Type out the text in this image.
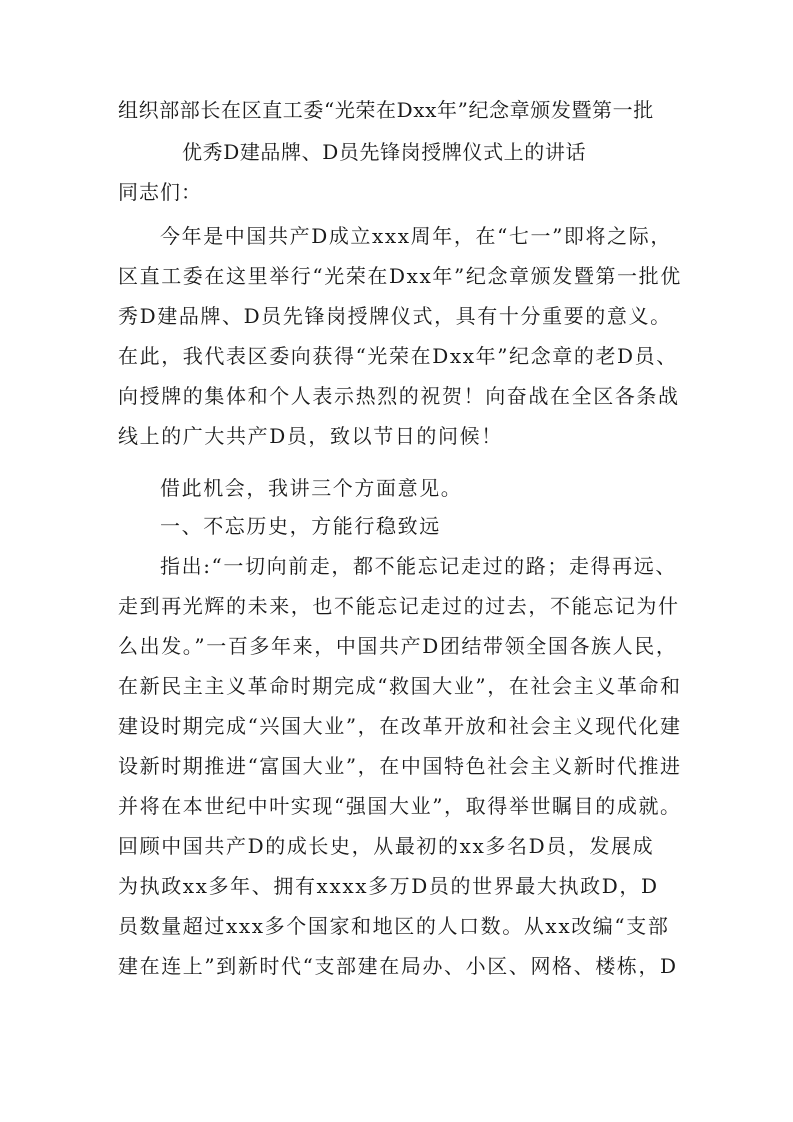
组织部部长在区直工委“光荣在Dxx年”纪念章颁发暨第一批
优秀D建品牌、D员先锋岗授牌仪式上的讲话
同志们：
今年是中国共产D成立xxx周年，在“七一”即将之际，
区直工委在这里举行“光荣在Dxx年”纪念章颁发暨第一批优
秀D建品牌、D员先锋岗授牌仪式，具有十分重要的意义。
在此，我代表区委向获得“光荣在Dxx年”纪念章的老D员、
向授牌的集体和个人表示热烈的祝贺！向奋战在全区各条战
线上的广大共产D员，致以节日的问候！
借此机会，我讲三个方面意见。
一、不忘历史，方能行稳致远
指出:“一切向前走，都不能忘记走过的路；走得再远、
走到再光辉的未来，也不能忘记走过的过去，不能忘记为什
么出发。”一百多年来，中国共产D团结带领全国各族人民，
在新民主主义革命时期完成“救国大业”，在社会主义革命和
建设时期完成“兴国大业”，在改革开放和社会主义现代化建
设新时期推进“富国大业”，在中国特色社会主义新时代推进
并将在本世纪中叶实现“强国大业”，取得举世瞩目的成就。
回顾中国共产D的成长史，从最初的xx多名D员，发展成
为执政xx多年、拥有xxxx多万D员的世界最大执政D，D
员数量超过xxx多个国家和地区的人口数。从xx改编“支部
建在连上”到新时代“支部建在局办、小区、网格、楼栋，D
